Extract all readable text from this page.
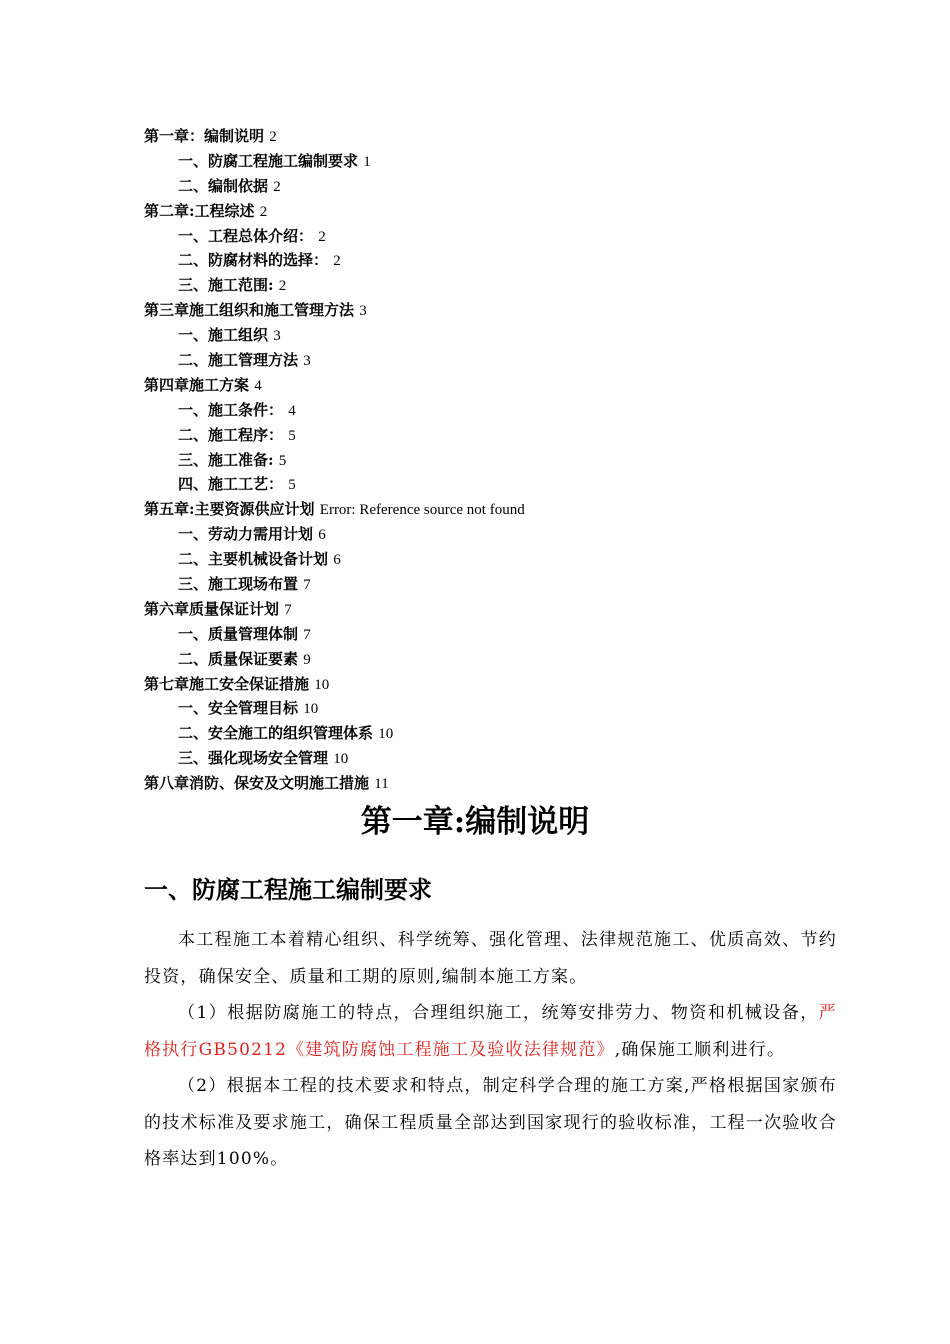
第一章：编制说明 2
一、防腐工程施工编制要求 1
二、编制依据 2
第二章:工程综述 2
一、工程总体介绍： 2
二、防腐材料的选择： 2
三、施工范围: 2
第三章施工组织和施工管理方法 3
一、施工组织 3
二、施工管理方法 3
第四章施工方案 4
一、施工条件： 4
二、施工程序： 5
三、施工准备: 5
四、施工工艺： 5
第五章:主要资源供应计划 Error: Reference source not found
一、劳动力需用计划 6
二、主要机械设备计划 6
三、施工现场布置 7
第六章质量保证计划 7
一、质量管理体制 7
二、质量保证要素 9
第七章施工安全保证措施 10
一、安全管理目标 10
二、安全施工的组织管理体系 10
三、强化现场安全管理 10
第八章消防、保安及文明施工措施 11
第一章:编制说明
一、防腐工程施工编制要求

本工程施工本着精心组织、科学统筹、强化管理、法律规范施工、优质高效、节约投资，确保安全、质量和工期的原则,编制本施工方案。

（1）根据防腐施工的特点，合理组织施工，统筹安排劳力、物资和机械设备，严格执行GB50212《建筑防腐蚀工程施工及验收法律规范》,确保施工顺利进行。

（2）根据本工程的技术要求和特点，制定科学合理的施工方案,严格根据国家颁布的技术标准及要求施工，确保工程质量全部达到国家现行的验收标准，工程一次验收合格率达到100%。
